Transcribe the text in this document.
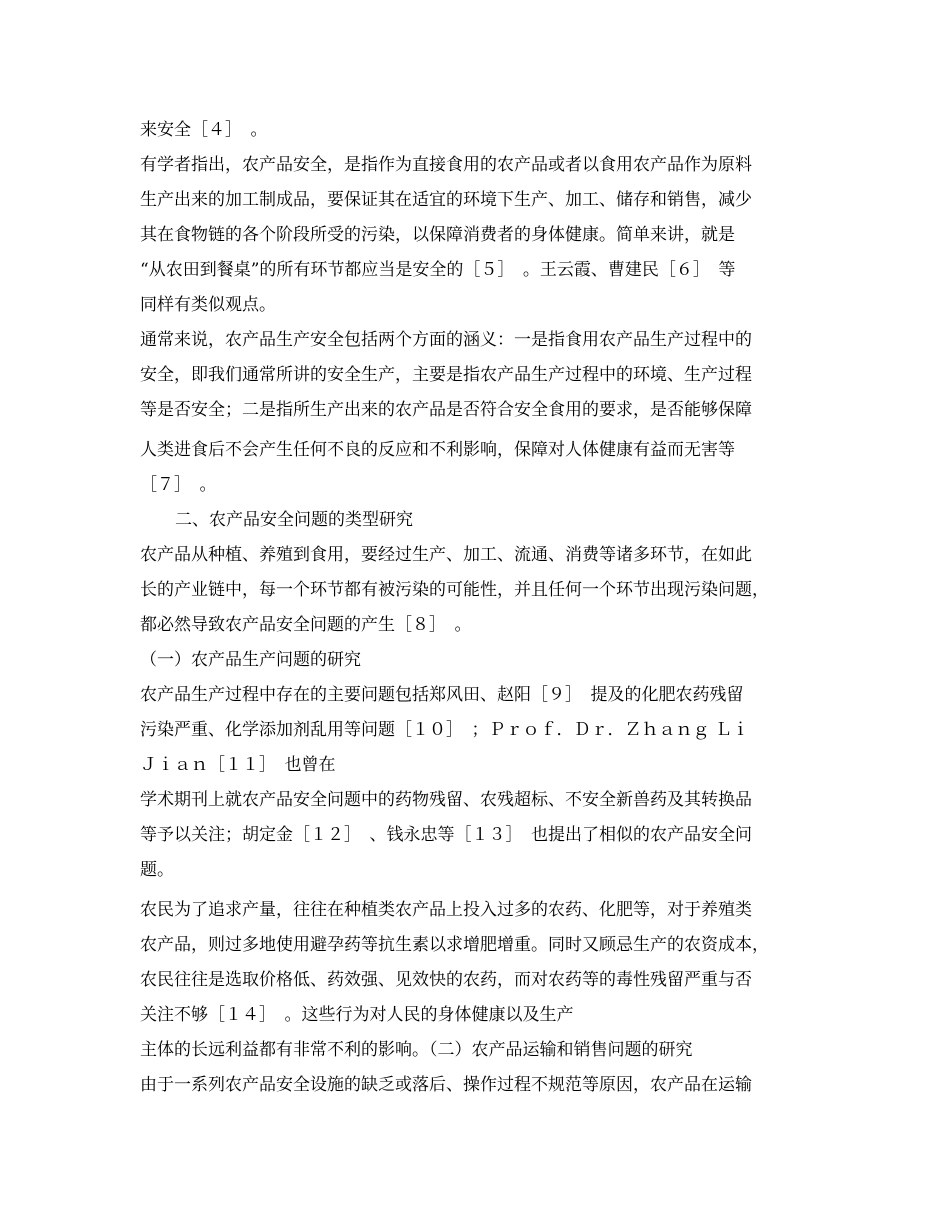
来安全［４］　。
有学者指出，农产品安全，是指作为直接食用的农产品或者以食用农产品作为原料
生产出来的加工制成品，要保证其在适宜的环境下生产、加工、储存和销售，减少
其在食物链的各个阶段所受的污染，以保障消费者的身体健康。简单来讲，就是
“从农田到餐桌”的所有环节都应当是安全的［５］　。王云霞、曹建民［６］　等
同样有类似观点。
通常来说，农产品生产安全包括两个方面的涵义：一是指食用农产品生产过程中的
安全，即我们通常所讲的安全生产，主要是指农产品生产过程中的环境、生产过程
等是否安全；二是指所生产出来的农产品是否符合安全食用的要求，是否能够保障
人类进食后不会产生任何不良的反应和不利影响，保障对人体健康有益而无害等
［７］　。
二、农产品安全问题的类型研究
农产品从种植、养殖到食用，要经过生产、加工、流通、消费等诸多环节，在如此
长的产业链中，每一个环节都有被污染的可能性，并且任何一个环节出现污染问题，
都必然导致农产品安全问题的产生［８］　。
（一）农产品生产问题的研究
农产品生产过程中存在的主要问题包括郑风田、赵阳［９］　提及的化肥农药残留
污染严重、化学添加剂乱用等问题［１０］　；Ｐｒｏｆ．Ｄｒ．Ｚｈａｎｇ Ｌｉ
Ｊｉａｎ［１１］　也曾在
学术期刊上就农产品安全问题中的药物残留、农残超标、不安全新兽药及其转换品
等予以关注；胡定金［１２］　、钱永忠等［１３］　也提出了相似的农产品安全问
题。
农民为了追求产量，往往在种植类农产品上投入过多的农药、化肥等，对于养殖类
农产品，则过多地使用避孕药等抗生素以求增肥增重。同时又顾忌生产的农资成本，
农民往往是选取价格低、药效强、见效快的农药，而对农药等的毒性残留严重与否
关注不够［１４］　。这些行为对人民的身体健康以及生产
主体的长远利益都有非常不利的影响。（二）农产品运输和销售问题的研究
由于一系列农产品安全设施的缺乏或落后、操作过程不规范等原因，农产品在运输
